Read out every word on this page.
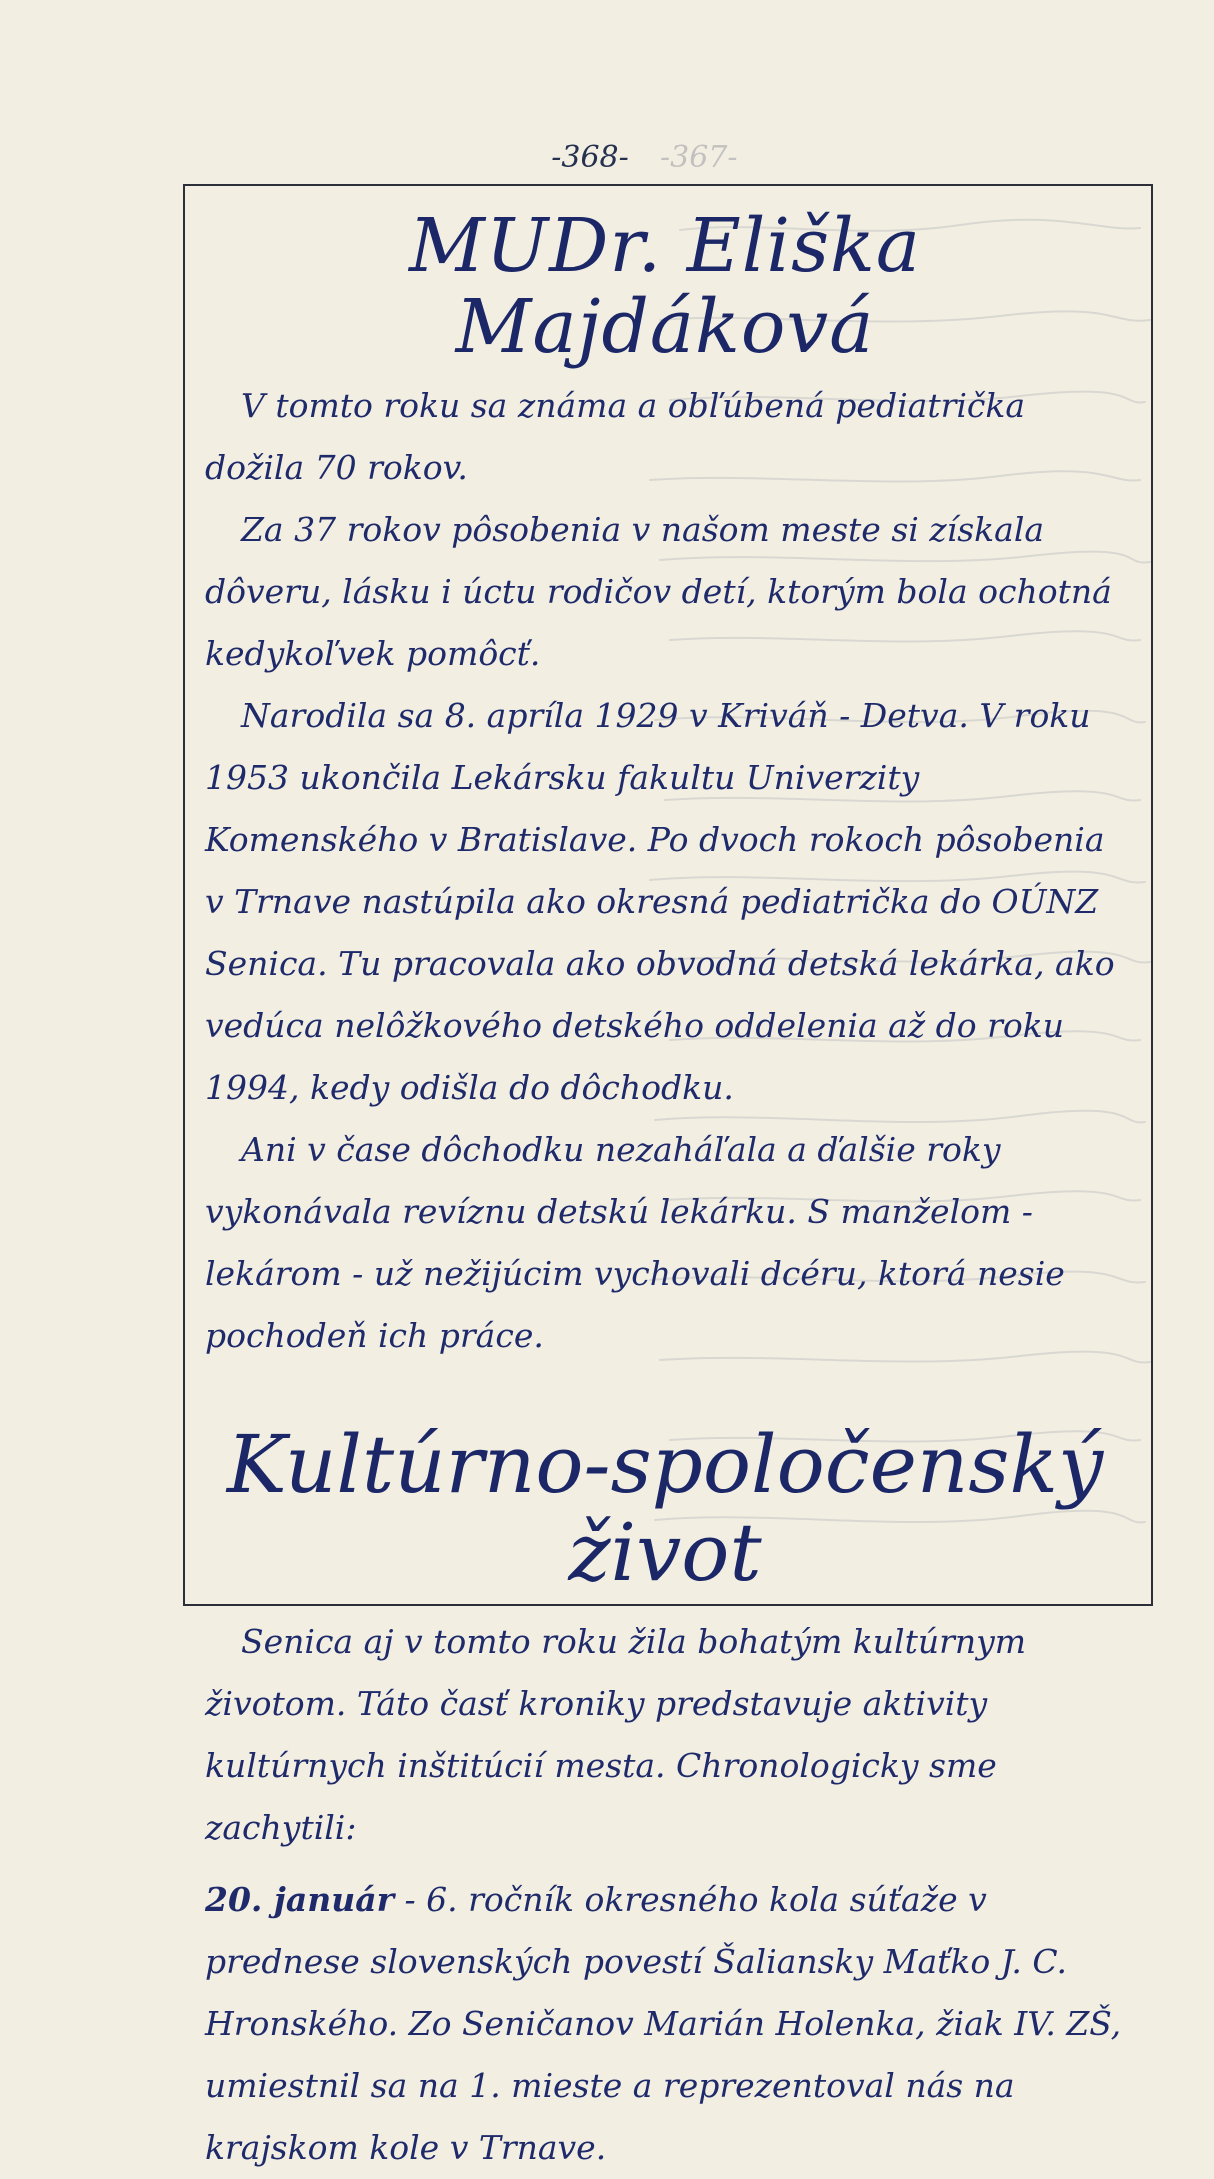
-367-
-368-
MUDr. Eliška Majdáková

V tomto roku sa známa a obľúbená pediatrička dožila 70 rokov.

Za 37 rokov pôsobenia v našom meste si získala dôveru, lásku i úctu rodičov detí, ktorým bola ochotná kedykoľvek pomôcť.

Narodila sa 8. apríla 1929 v Kriváň - Detva. V roku 1953 ukončila Lekársku fakultu Univerzity Komenského v Bratislave. Po dvoch rokoch pôsobenia v Trnave nastúpila ako okresná pediatrička do OÚNZ Senica. Tu pracovala ako obvodná detská lekárka, ako vedúca nelôžkového detského oddelenia až do roku 1994, kedy odišla do dôchodku.

Ani v čase dôchodku nezaháľala a ďalšie roky vykonávala revíznu detskú lekárku. S manželom - lekárom - už nežijúcim vychovali dcéru, ktorá nesie pochodeň ich práce.

Kultúrno-spoločenský život

Senica aj v tomto roku žila bohatým kultúrnym životom. Táto časť kroniky predstavuje aktivity kultúrnych inštitúcií mesta. Chronologicky sme zachytili:

20. január - 6. ročník okresného kola súťaže v prednese slovenských povestí Šaliansky Maťko J. C. Hronského. Zo Seničanov Marián Holenka, žiak IV. ZŠ, umiestnil sa na 1. mieste a reprezentoval nás na krajskom kole v Trnave.
